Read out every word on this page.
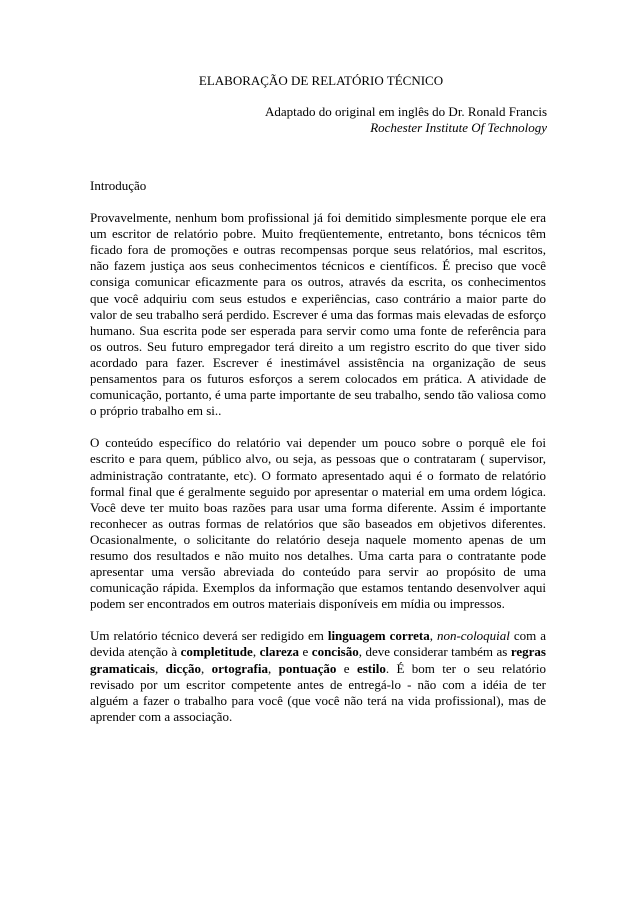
ELABORAÇÃO DE RELATÓRIO TÉCNICO
Adaptado do original em inglês do Dr. Ronald Francis
Rochester Institute Of Technology

Introdução

Provavelmente, nenhum bom profissional já foi demitido simplesmente porque ele era um escritor de relatório pobre. Muito freqüentemente, entretanto, bons técnicos têm ficado fora de promoções e outras recompensas porque seus relatórios, mal escritos, não fazem justiça aos seus conhecimentos técnicos e científicos. É preciso que você consiga comunicar eficazmente para os outros, através da escrita, os conhecimentos que você adquiriu com seus estudos e experiências, caso contrário a maior parte do valor de seu trabalho será perdido. Escrever é uma das formas mais elevadas de esforço humano. Sua escrita pode ser esperada para servir como uma fonte de referência para os outros. Seu futuro empregador terá direito a um registro escrito do que tiver sido acordado para fazer. Escrever é inestimável assistência na organização de seus pensamentos para os futuros esforços a serem colocados em prática. A atividade de comunicação, portanto, é uma parte importante de seu trabalho, sendo tão valiosa como o próprio trabalho em si..

O conteúdo específico do relatório vai depender um pouco sobre o porquê ele foi escrito e para quem, público alvo, ou seja, as pessoas que o contrataram ( supervisor, administração contratante, etc). O formato apresentado aqui é o formato de relatório formal final que é geralmente seguido por apresentar o material em uma ordem lógica. Você deve ter muito boas razões para usar uma forma diferente. Assim é importante reconhecer as outras formas de relatórios que são baseados em objetivos diferentes. Ocasionalmente, o solicitante do relatório deseja naquele momento apenas de um resumo dos resultados e não muito nos detalhes. Uma carta para o contratante pode apresentar uma versão abreviada do conteúdo para servir ao propósito de uma comunicação rápida. Exemplos da informação que estamos tentando desenvolver aqui podem ser encontrados em outros materiais disponíveis em mídia ou impressos.

Um relatório técnico deverá ser redigido em linguagem correta, non-coloquial com a devida atenção à completitude, clareza e concisão, deve considerar também as regras gramaticais, dicção, ortografia, pontuação e estilo. É bom ter o seu relatório revisado por um escritor competente antes de entregá-lo - não com a idéia de ter alguém a fazer o trabalho para você (que você não terá na vida profissional), mas de aprender com a associação.
